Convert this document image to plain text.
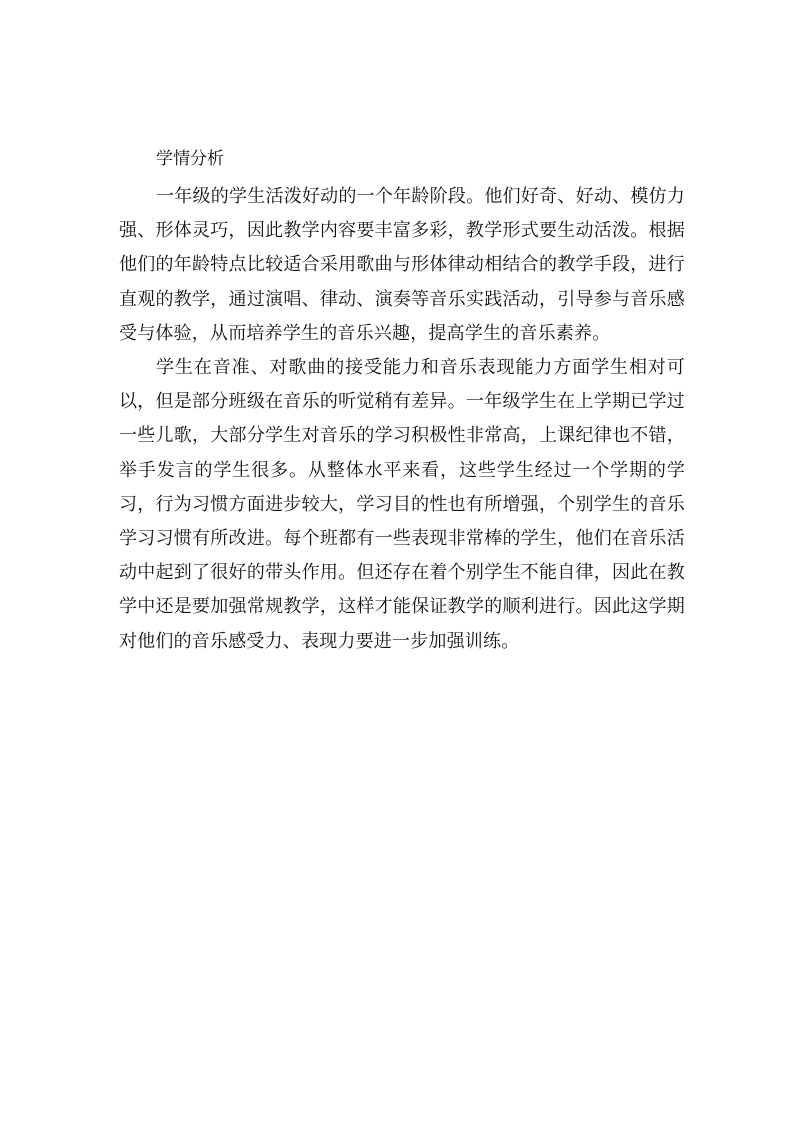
学情分析

一年级的学生活泼好动的一个年龄阶段。他们好奇、好动、模仿力强、形体灵巧，因此教学内容要丰富多彩，教学形式要生动活泼。根据他们的年龄特点比较适合采用歌曲与形体律动相结合的教学手段，进行直观的教学，通过演唱、律动、演奏等音乐实践活动，引导参与音乐感受与体验，从而培养学生的音乐兴趣，提高学生的音乐素养。

学生在音准、对歌曲的接受能力和音乐表现能力方面学生相对可以，但是部分班级在音乐的听觉稍有差异。一年级学生在上学期已学过一些儿歌，大部分学生对音乐的学习积极性非常高，上课纪律也不错，举手发言的学生很多。从整体水平来看，这些学生经过一个学期的学习，行为习惯方面进步较大，学习目的性也有所增强，个别学生的音乐学习习惯有所改进。每个班都有一些表现非常棒的学生，他们在音乐活动中起到了很好的带头作用。但还存在着个别学生不能自律，因此在教学中还是要加强常规教学，这样才能保证教学的顺利进行。因此这学期对他们的音乐感受力、表现力要进一步加强训练。
